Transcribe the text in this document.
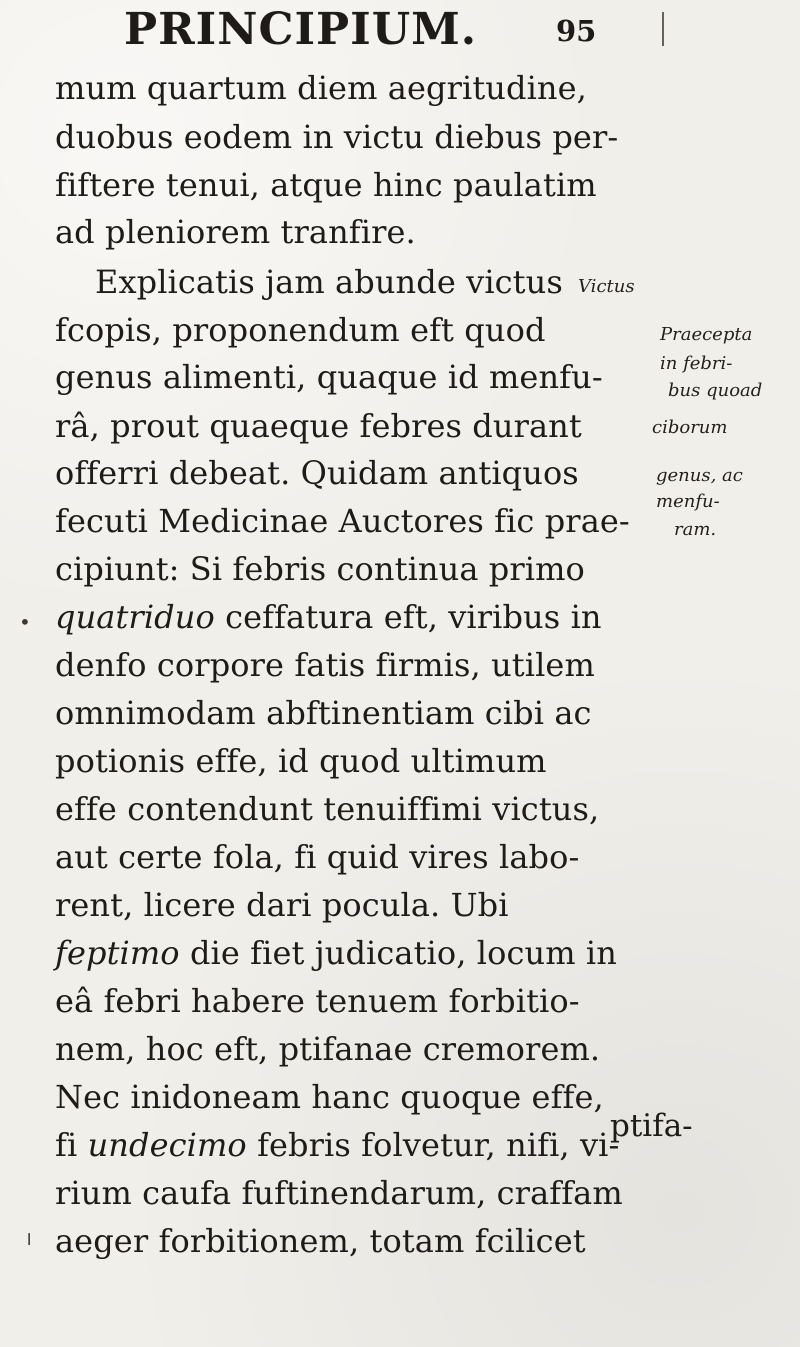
PRINCIPIUM.	95
mum quartum diem aegritudine,
duobus eodem in victu diebus per-
fiftere tenui, atque hinc paulatim
ad pleniorem tranfire.
Explicatis jam abunde victus
fcopis, proponendum eft quod
genus alimenti, quaque id menfu-
râ, prout quaeque febres durant
offerri debeat. Quidam antiquos
fecuti Medicinae Auctores fic prae-
cipiunt: Si febris continua primo
quatriduo ceffatura eft, viribus in
denfo corpore fatis firmis, utilem
omnimodam abftinentiam cibi ac
potionis effe, id quod ultimum
effe contendunt tenuiffimi victus,
aut certe fola, fi quid vires labo-
rent, licere dari pocula. Ubi
feptimo die fiet judicatio, locum in
eâ febri habere tenuem forbitio-
nem, hoc eft, ptifanae cremorem.
Nec inidoneam hanc quoque effe,
fi undecimo febris folvetur, nifi, vi-
rium caufa fuftinendarum, craffam
aeger forbitionem, totam fcilicet
ptifa-
Victus
Praecepta
in febri-
bus quoad
ciborum
genus, ac
menfu-
ram.
•
╵
